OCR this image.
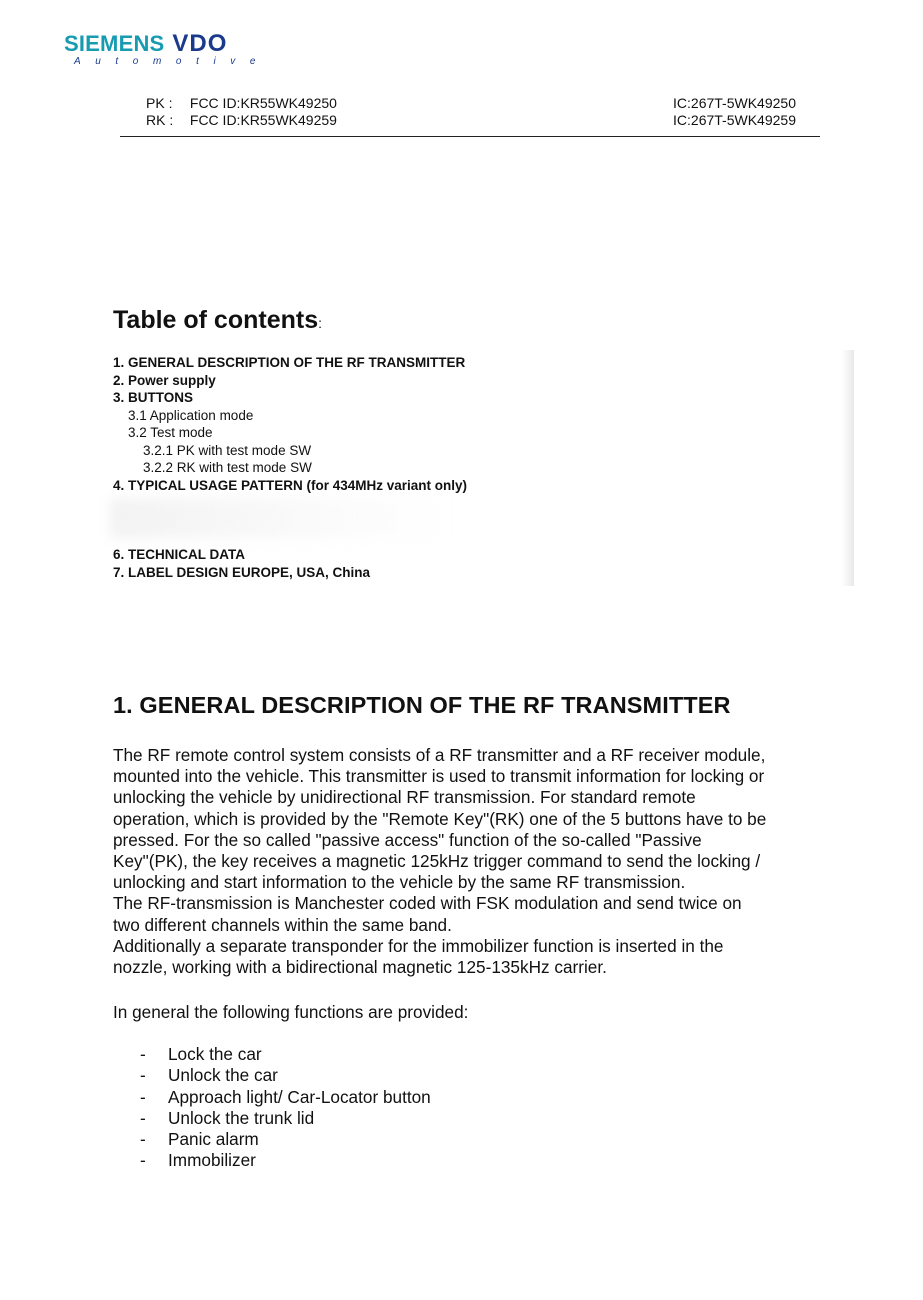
SIEMENS VDO
Automotive
PK : FCC ID:KR55WK49250	IC:267T-5WK49250
RK : FCC ID:KR55WK49259	IC:267T-5WK49259
Table of contents:
1. GENERAL DESCRIPTION OF THE RF TRANSMITTER
2. Power supply
3. BUTTONS
3.1 Application mode
3.2 Test mode
3.2.1 PK with test mode SW
3.2.2 RK with test mode SW
4. TYPICAL USAGE PATTERN (for 434MHz variant only)
6. TECHNICAL DATA
7. LABEL DESIGN EUROPE, USA, China
1. GENERAL DESCRIPTION OF THE RF TRANSMITTER

The RF remote control system consists of a RF transmitter and a RF receiver module,

mounted into the vehicle. This transmitter is used to transmit information for locking or

unlocking the vehicle by unidirectional RF transmission. For standard remote

operation, which is provided by the "Remote Key"(RK) one of the 5 buttons have to be

pressed. For the so called "passive access" function of the so-called "Passive

Key"(PK), the key receives a magnetic 125kHz trigger command to send the locking /

unlocking and start information to the vehicle by the same RF transmission.

The RF-transmission is Manchester coded with FSK modulation and send twice on

two different channels within the same band.

Additionally a separate transponder for the immobilizer function is inserted in the

nozzle, working with a bidirectional magnetic 125-135kHz carrier.

In general the following functions are provided:
-	Lock the car
-	Unlock the car
-	Approach light/ Car-Locator button
-	Unlock the trunk lid
-	Panic alarm
-	Immobilizer
